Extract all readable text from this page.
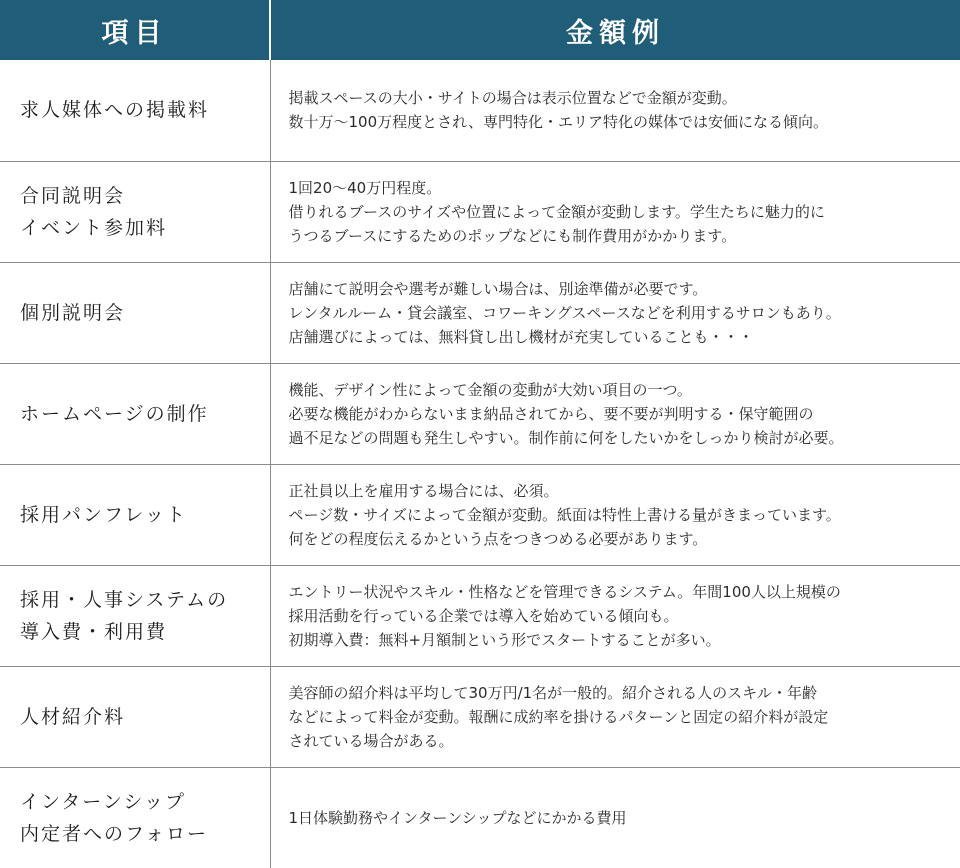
項目	金額例

求人媒体への掲載料	掲載スペースの大小・サイトの場合は表示位置などで金額が変動。
数十万〜100万程度とされ、専門特化・エリア特化の媒体では安価になる傾向。

合同説明会
イベント参加料	1回20〜40万円程度。
借りれるブースのサイズや位置によって金額が変動します。学生たちに魅力的に
うつるブースにするためのポップなどにも制作費用がかかります。

個別説明会	店舗にて説明会や選考が難しい場合は、別途準備が必要です。
レンタルルーム・貸会議室、コワーキングスペースなどを利用するサロンもあり。
店舗選びによっては、無料貸し出し機材が充実していることも・・・

ホームページの制作	機能、デザイン性によって金額の変動が大効い項目の一つ。
必要な機能がわからないまま納品されてから、要不要が判明する・保守範囲の
過不足などの問題も発生しやすい。制作前に何をしたいかをしっかり検討が必要。

採用パンフレット	正社員以上を雇用する場合には、必須。
ページ数・サイズによって金額が変動。紙面は特性上書ける量がきまっています。
何をどの程度伝えるかという点をつきつめる必要があります。

採用・人事システムの
導入費・利用費	エントリー状況やスキル・性格などを管理できるシステム。年間100人以上規模の
採用活動を行っている企業では導入を始めている傾向も。
初期導入費：無料+月額制という形でスタートすることが多い。

人材紹介料	美容師の紹介料は平均して30万円/1名が一般的。紹介される人のスキル・年齢
などによって料金が変動。報酬に成約率を掛けるパターンと固定の紹介料が設定
されている場合がある。

インターンシップ
内定者へのフォロー	1日体験勤務やインターンシップなどにかかる費用
